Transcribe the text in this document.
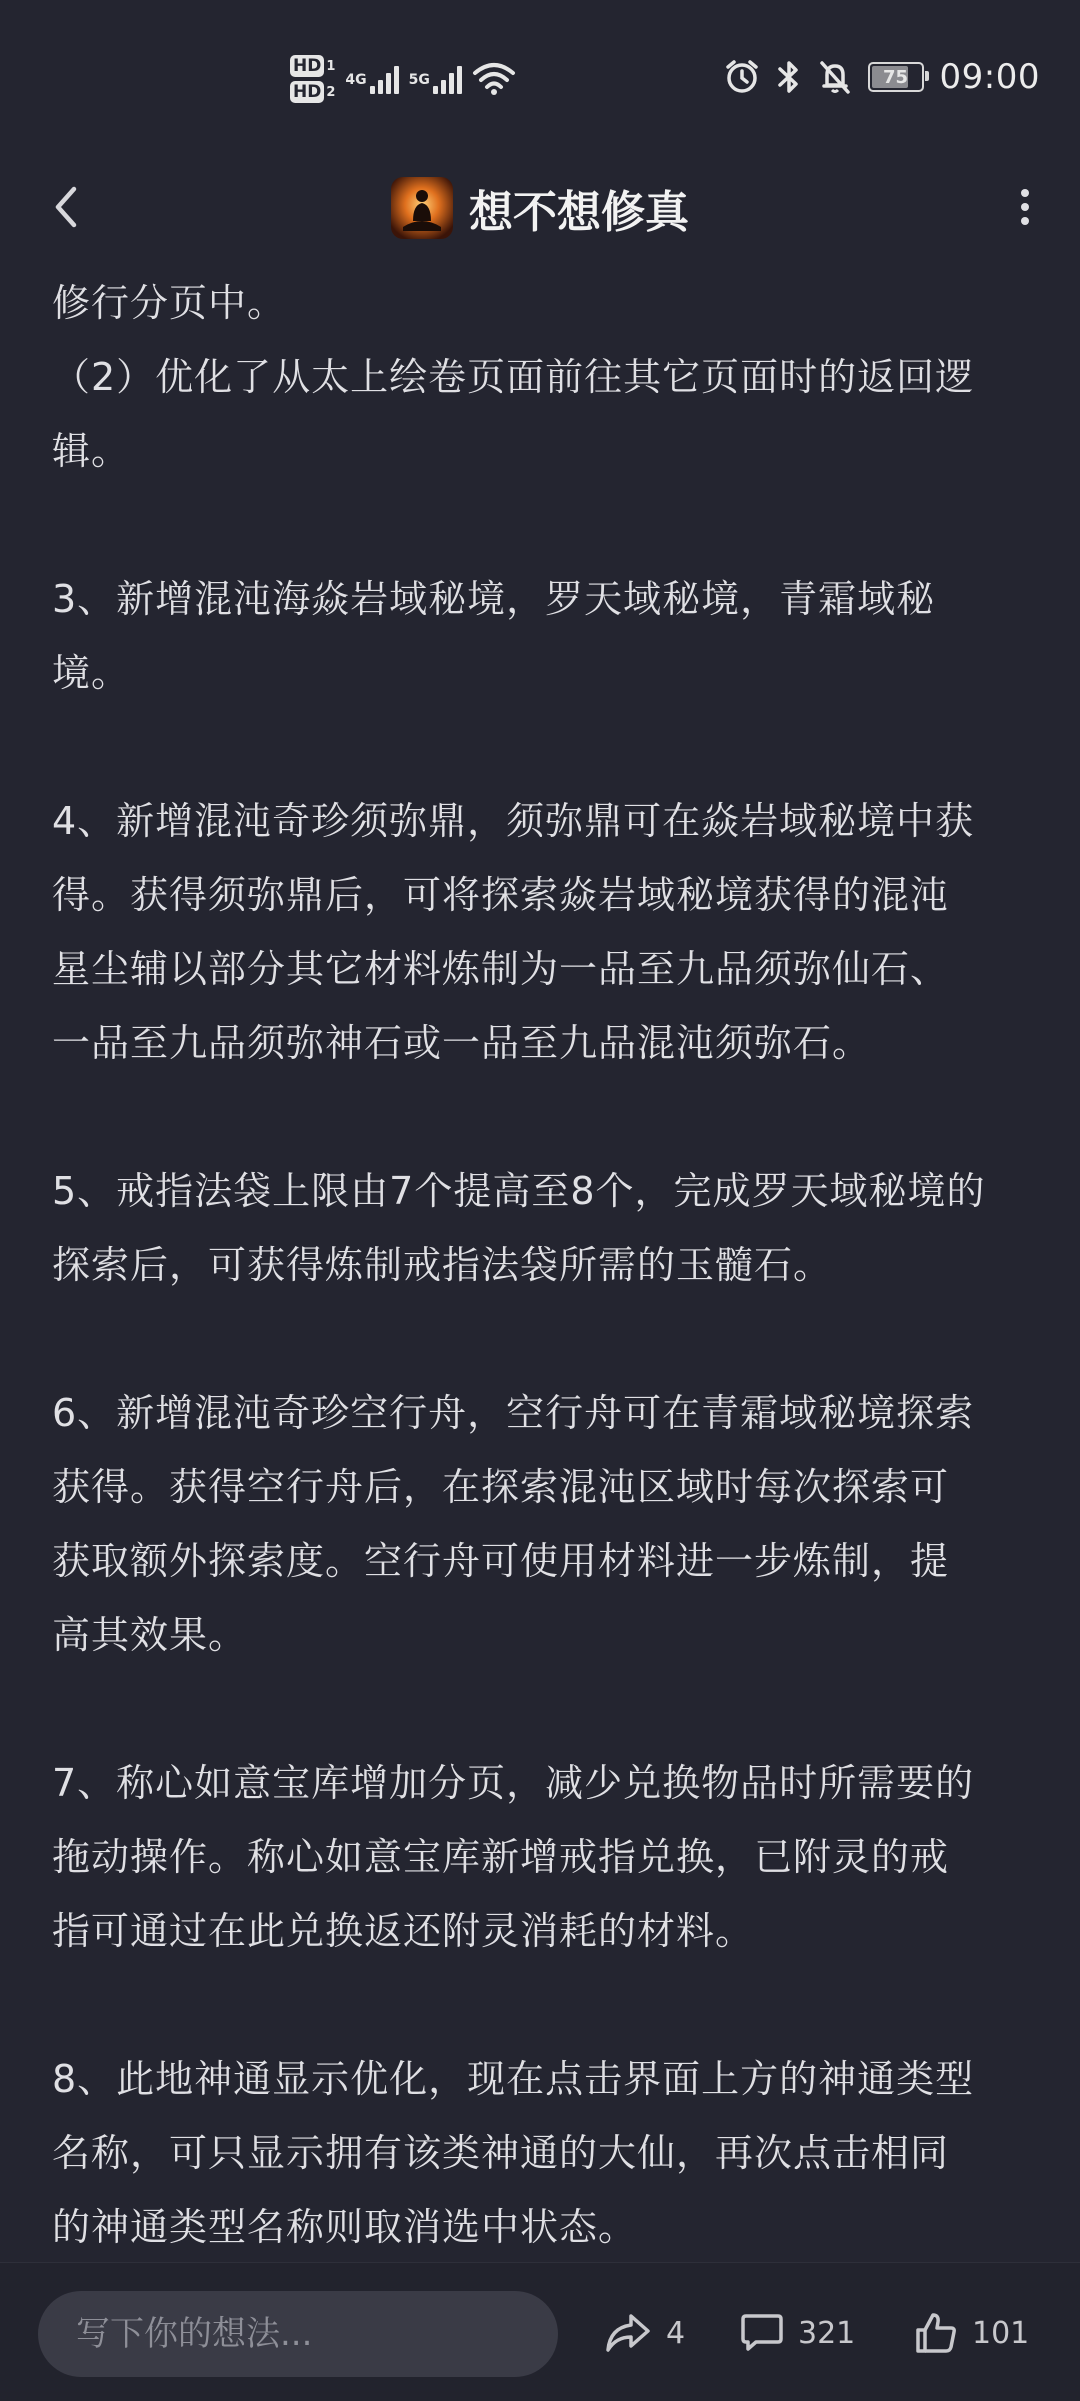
HD 1
HD 2
4G	5G	75 09:00
想不想修真

修行分页中。
（2）优化了从太上绘卷页面前往其它页面时的返回逻
辑。

3、新增混沌海焱岩域秘境，罗天域秘境，青霜域秘
境。

4、新增混沌奇珍须弥鼎，须弥鼎可在焱岩域秘境中获
得。获得须弥鼎后，可将探索焱岩域秘境获得的混沌
星尘辅以部分其它材料炼制为一品至九品须弥仙石、
一品至九品须弥神石或一品至九品混沌须弥石。

5、戒指法袋上限由7个提高至8个，完成罗天域秘境的
探索后，可获得炼制戒指法袋所需的玉髓石。

6、新增混沌奇珍空行舟，空行舟可在青霜域秘境探索
获得。获得空行舟后，在探索混沌区域时每次探索可
获取额外探索度。空行舟可使用材料进一步炼制，提
高其效果。

7、称心如意宝库增加分页，减少兑换物品时所需要的
拖动操作。称心如意宝库新增戒指兑换，已附灵的戒
指可通过在此兑换返还附灵消耗的材料。

8、此地神通显示优化，现在点击界面上方的神通类型
名称，可只显示拥有该类神通的大仙，再次点击相同
的神通类型名称则取消选中状态。

写下你的想法...
4	321	101
